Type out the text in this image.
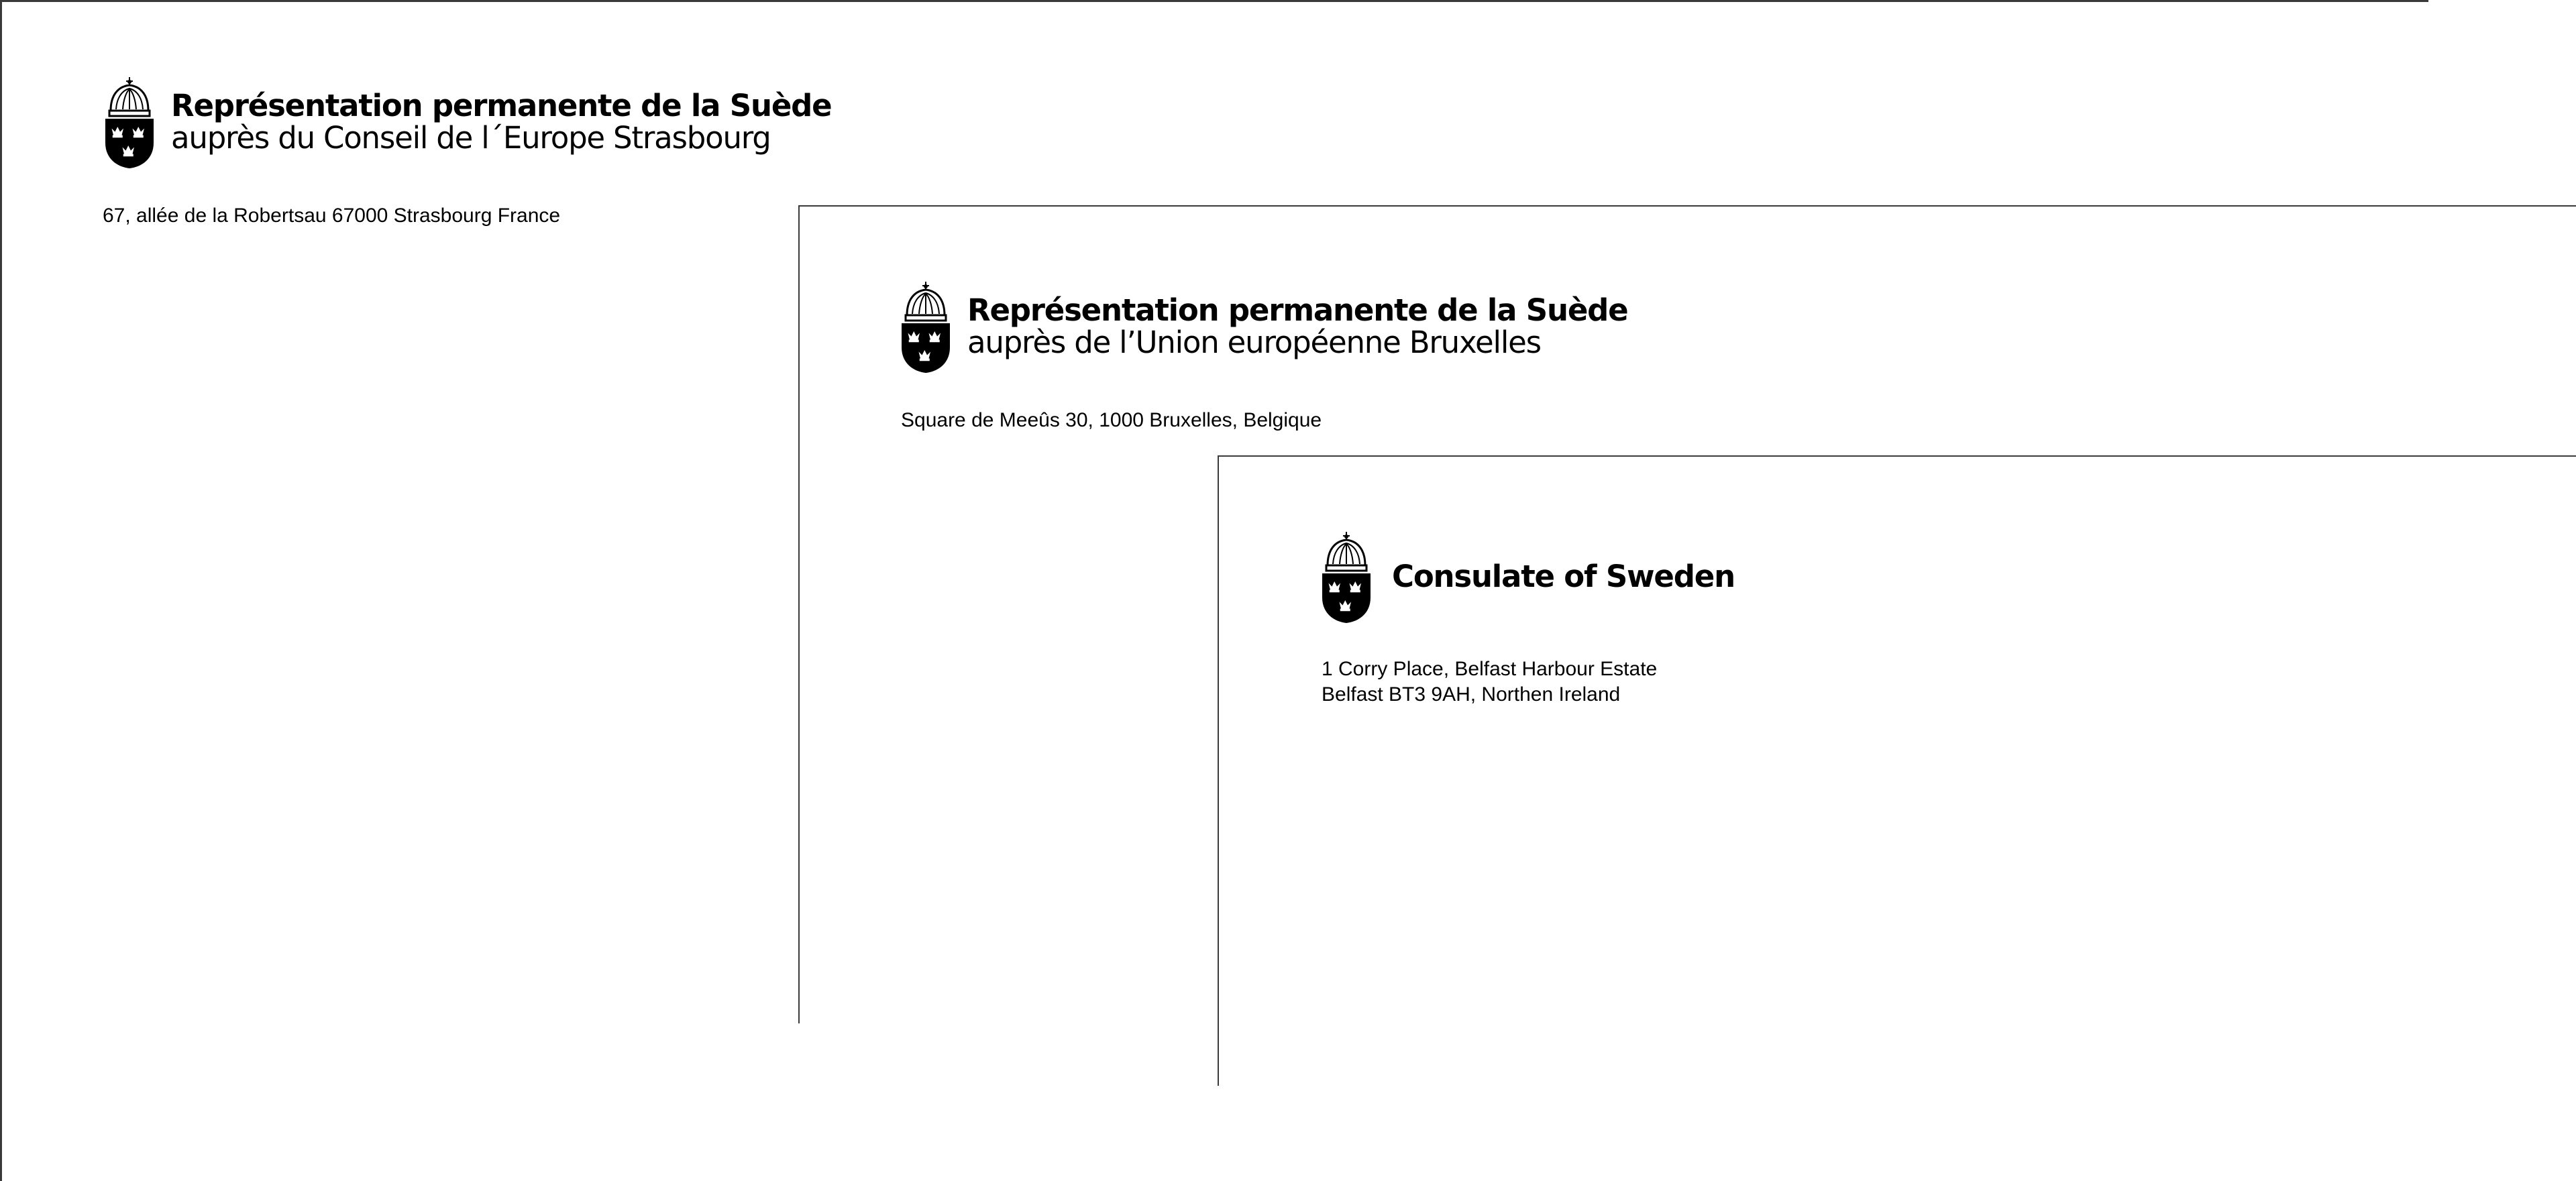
Représentation permanente de la Suède
auprès du Conseil de l´Europe Strasbourg
67, allée de la Robertsau 67000 Strasbourg France
Représentation permanente de la Suède
auprès de l’Union européenne Bruxelles
Square de Meeûs 30, 1000 Bruxelles, Belgique
Consulate of Sweden
1 Corry Place, Belfast Harbour Estate
Belfast BT3 9AH, Northen Ireland
